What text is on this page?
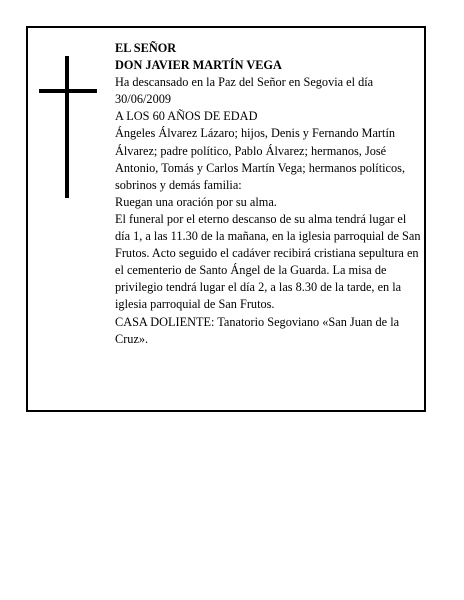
EL SEÑOR

DON JAVIER MARTÍN VEGA

Ha descansado en la Paz del Señor en Segovia el día 30/06/2009

A LOS 60 AÑOS DE EDAD

Ángeles Álvarez Lázaro; hijos, Denis y Fernando Martín Álvarez; padre político, Pablo Álvarez; hermanos, José Antonio, Tomás y Carlos Martín Vega; hermanos políticos, sobrinos y demás familia:

Ruegan una oración por su alma.

El funeral por el eterno descanso de su alma tendrá lugar el día 1, a las 11.30 de la mañana, en la iglesia parroquial de San Frutos. Acto seguido el cadáver recibirá cristiana sepultura en el cementerio de Santo Ángel de la Guarda. La misa de privilegio tendrá lugar el día 2, a las 8.30 de la tarde, en la iglesia parroquial de San Frutos.

CASA DOLIENTE: Tanatorio Segoviano «San Juan de la Cruz».
